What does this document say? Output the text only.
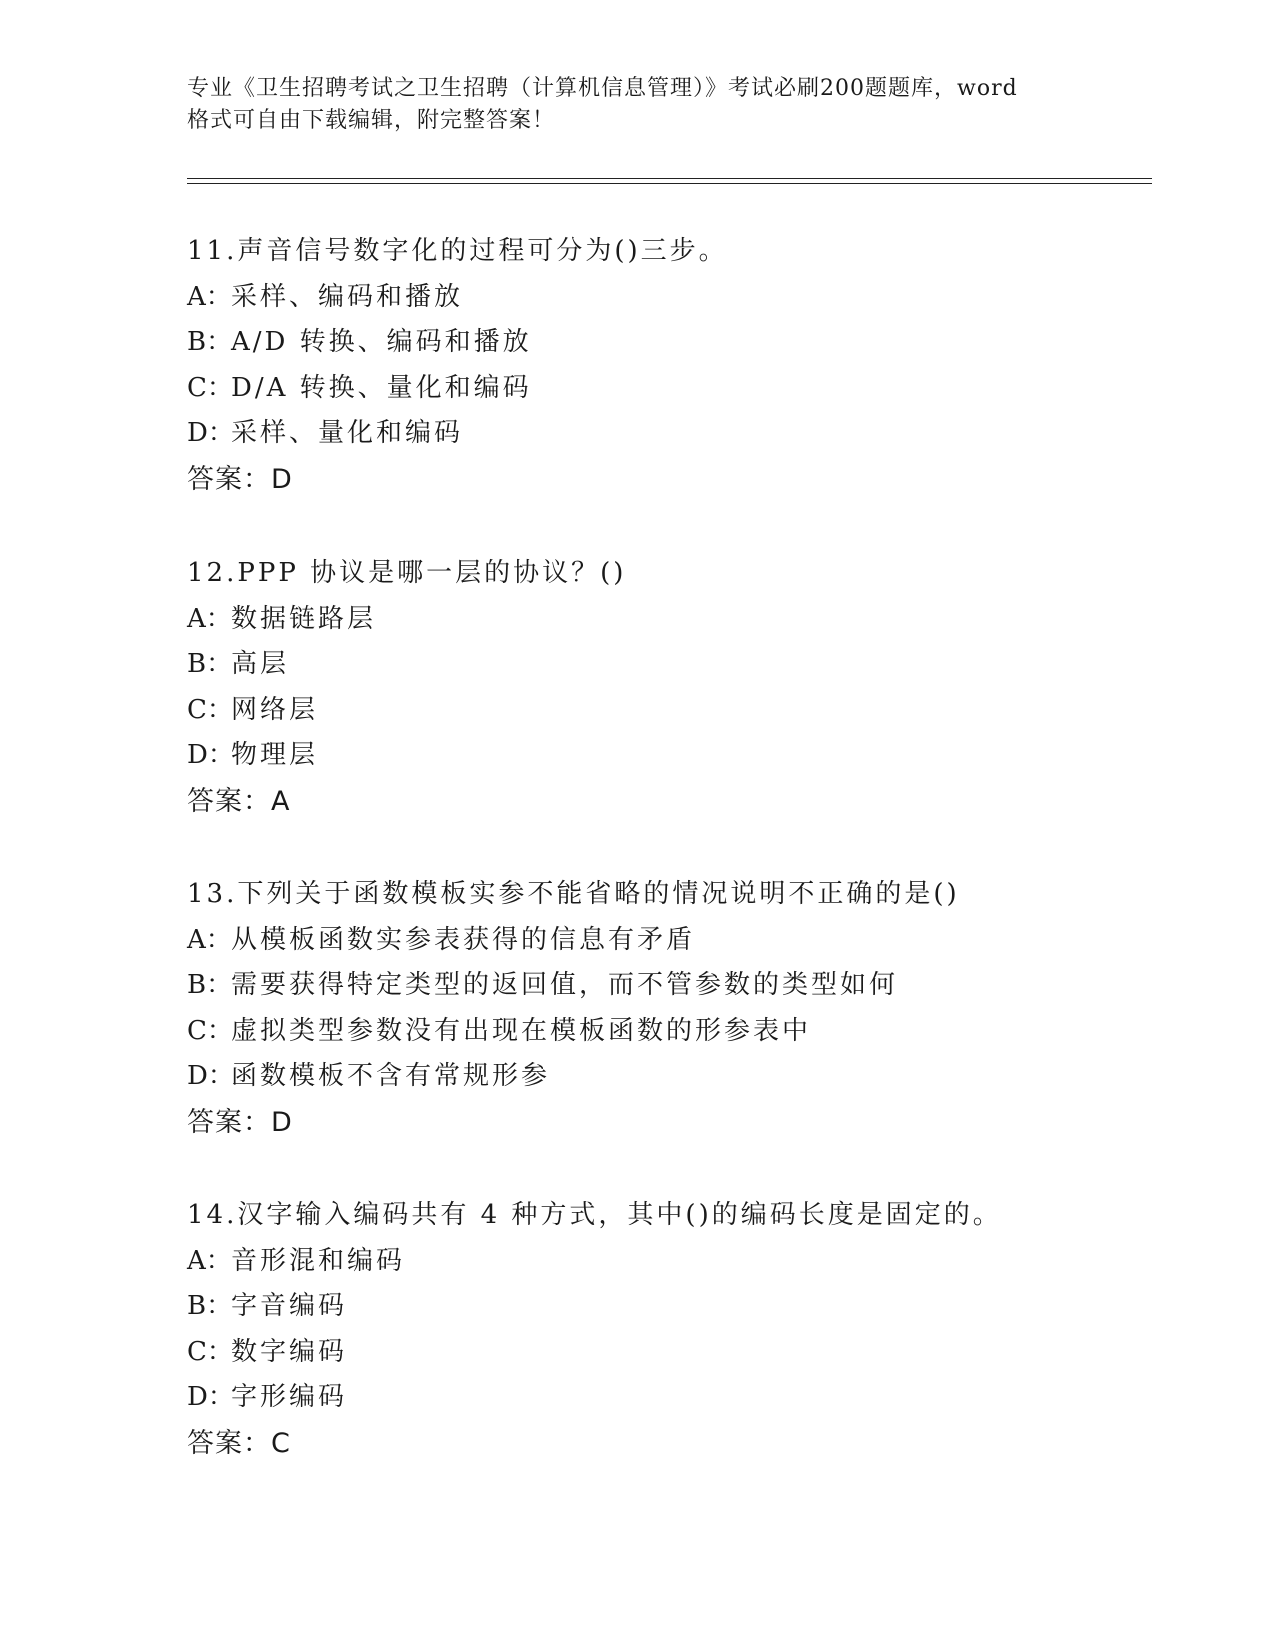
专业《卫生招聘考试之卫生招聘（计算机信息管理）》考试必刷200题题库，word
格式可自由下载编辑，附完整答案！
11.声音信号数字化的过程可分为()三步。
A：采样、编码和播放
B：A/D 转换、编码和播放
C：D/A 转换、量化和编码
D：采样、量化和编码
答案：D
12.PPP 协议是哪一层的协议？()
A：数据链路层
B：高层
C：网络层
D：物理层
答案：A
13.下列关于函数模板实参不能省略的情况说明不正确的是()
A：从模板函数实参表获得的信息有矛盾
B：需要获得特定类型的返回值，而不管参数的类型如何
C：虚拟类型参数没有出现在模板函数的形参表中
D：函数模板不含有常规形参
答案：D
14.汉字输入编码共有 4 种方式，其中()的编码长度是固定的。
A：音形混和编码
B：字音编码
C：数字编码
D：字形编码
答案：C
